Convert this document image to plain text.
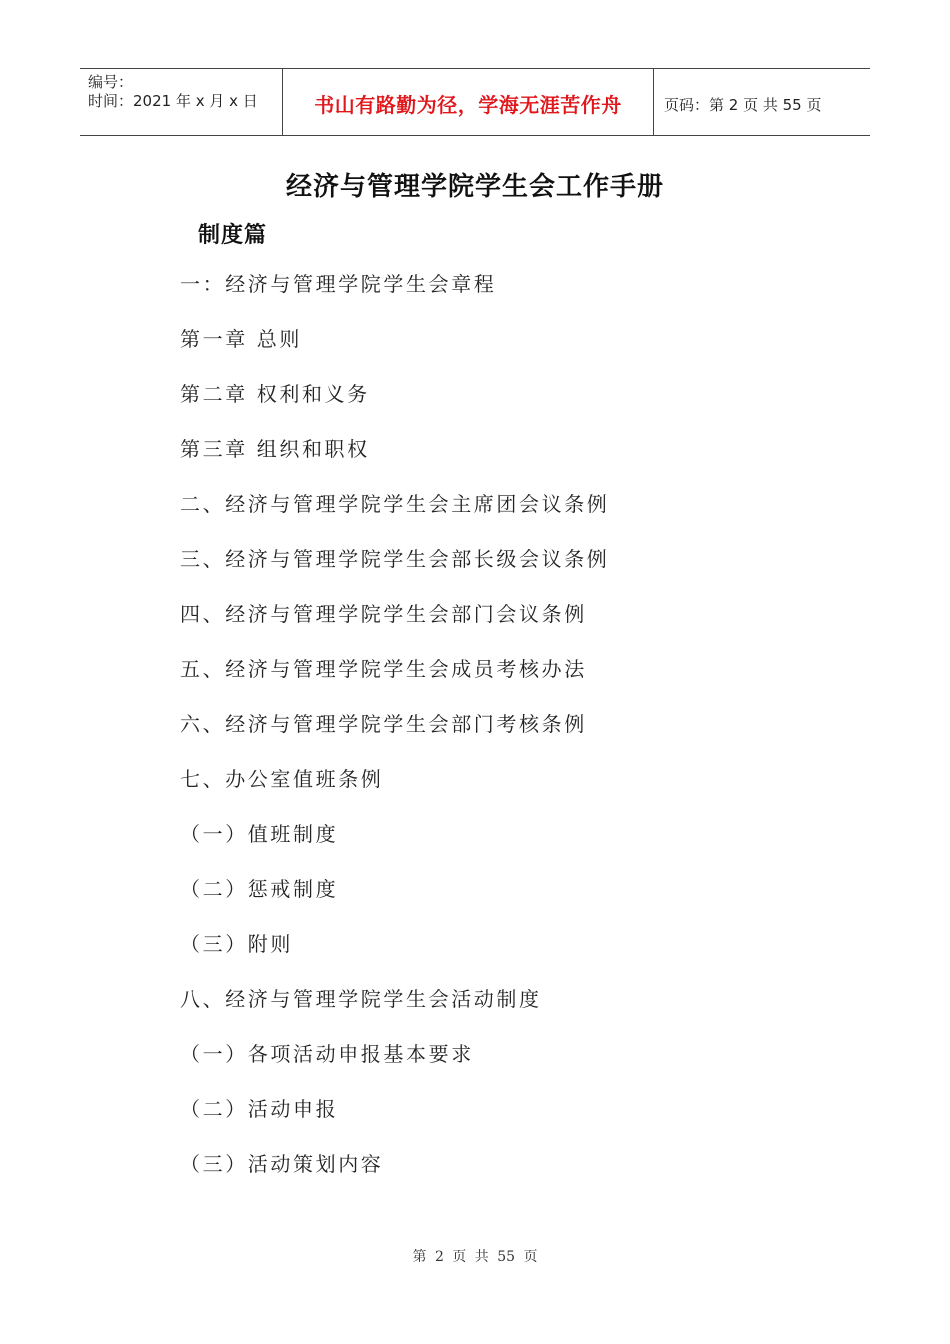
编号：
时间：2021 年 x 月 x 日	书山有路勤为径，学海无涯苦作舟	页码：第 2 页 共 55 页
经济与管理学院学生会工作手册
制度篇
一：经济与管理学院学生会章程
第一章 总则
第二章 权利和义务
第三章 组织和职权
二、经济与管理学院学生会主席团会议条例
三、经济与管理学院学生会部长级会议条例
四、经济与管理学院学生会部门会议条例
五、经济与管理学院学生会成员考核办法
六、经济与管理学院学生会部门考核条例
七、办公室值班条例
（一）值班制度
（二）惩戒制度
（三）附则
八、经济与管理学院学生会活动制度
（一）各项活动申报基本要求
（二）活动申报
（三）活动策划内容
第 2 页 共 55 页
